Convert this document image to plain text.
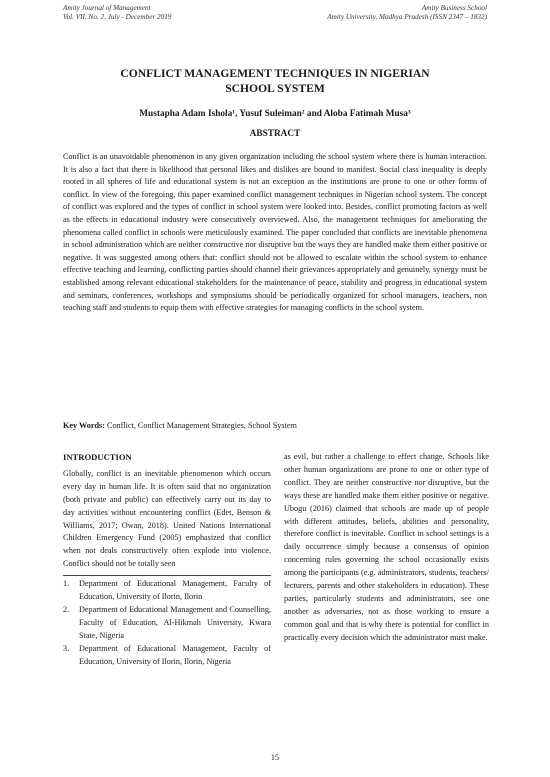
Amity Journal of Management
Vol. VII, No. 2, July - December 2019
Amity Business School
Amity University, Madhya Pradesh (ISSN 2347 – 1832)
CONFLICT MANAGEMENT TECHNIQUES IN NIGERIAN
SCHOOL SYSTEM
Mustapha Adam Ishola¹, Yusuf Suleiman² and Aloba Fatimah Musa³
ABSTRACT
Conflict is an unavoidable phenomenon in any given organization including the school system where there is human interaction. It is also a fact that there is likelihood that personal likes and dislikes are bound to manifest. Social class inequality is deeply rooted in all spheres of life and educational system is not an exception as the institutions are prone to one or other forms of conflict. In view of the foregoing, this paper examined conflict management techniques in Nigerian school system. The concept of conflict was explored and the types of conflict in school system were looked into. Besides, conflict promoting factors as well as the effects in educational industry were consecutively overviewed. Also, the management techniques for ameliorating the phenomena called conflict in schools were meticulously examined. The paper concluded that conflicts are inevitable phenomena in school administration which are neither constructive nor disruptive but the ways they are handled make them either positive or negative. It was suggested among others that: conflict should not be allowed to escalate within the school system to enhance effective teaching and learning, conflicting parties should channel their grievances appropriately and genuinely, synergy must be established among relevant educational stakeholders for the maintenance of peace, stability and progress in educational system and seminars, conferences, workshops and symposiums should be periodically organized for school managers, teachers, non teaching staff and students to equip them with effective strategies for managing conflicts in the school system.
Key Words: Conflict, Conflict Management Strategies, School System
INTRODUCTION

Globally, conflict is an inevitable phenomenon which occurs every day in human life. It is often said that no organization (both private and public) can effectively carry out its day to day activities without encountering conflict (Edet, Benson & Williams, 2017; Owan, 2018). United Nations International Children Emergency Fund (2005) emphasized that conflict when not deals constructively often explode into violence. Conflict should not be totally seen

1.	Department of Educational Management, Faculty of Education, University of Ilorin, Ilorin
2.	Department of Educational Management and Counselling, Faculty of Education, Al-Hikmah University, Kwara State, Nigeria
3.	Department of Educational Management, Faculty of Education, University of Ilorin, Ilorin, Nigeria

as evil, but rather a challenge to effect change. Schools like other human organizations are prone to one or other type of conflict. They are neither constructive nor disruptive, but the ways these are handled make them either positive or negative. Ubogu (2016) claimed that schools are made up of people with different attitudes, beliefs, abilities and personality, therefore conflict is inevitable. Conflict in school settings is a daily occurrence simply because a consensus of opinion concerning rules governing the school occasionally exists among the participants (e.g. administrators, students, teachers/ lecturers, parents and other stakeholders in education). These parties, particularly students and administrators, see one another as adversaries, not as those working to ensure a common goal and that is why there is potential for conflict in practically every decision which the administrator must make.

15
